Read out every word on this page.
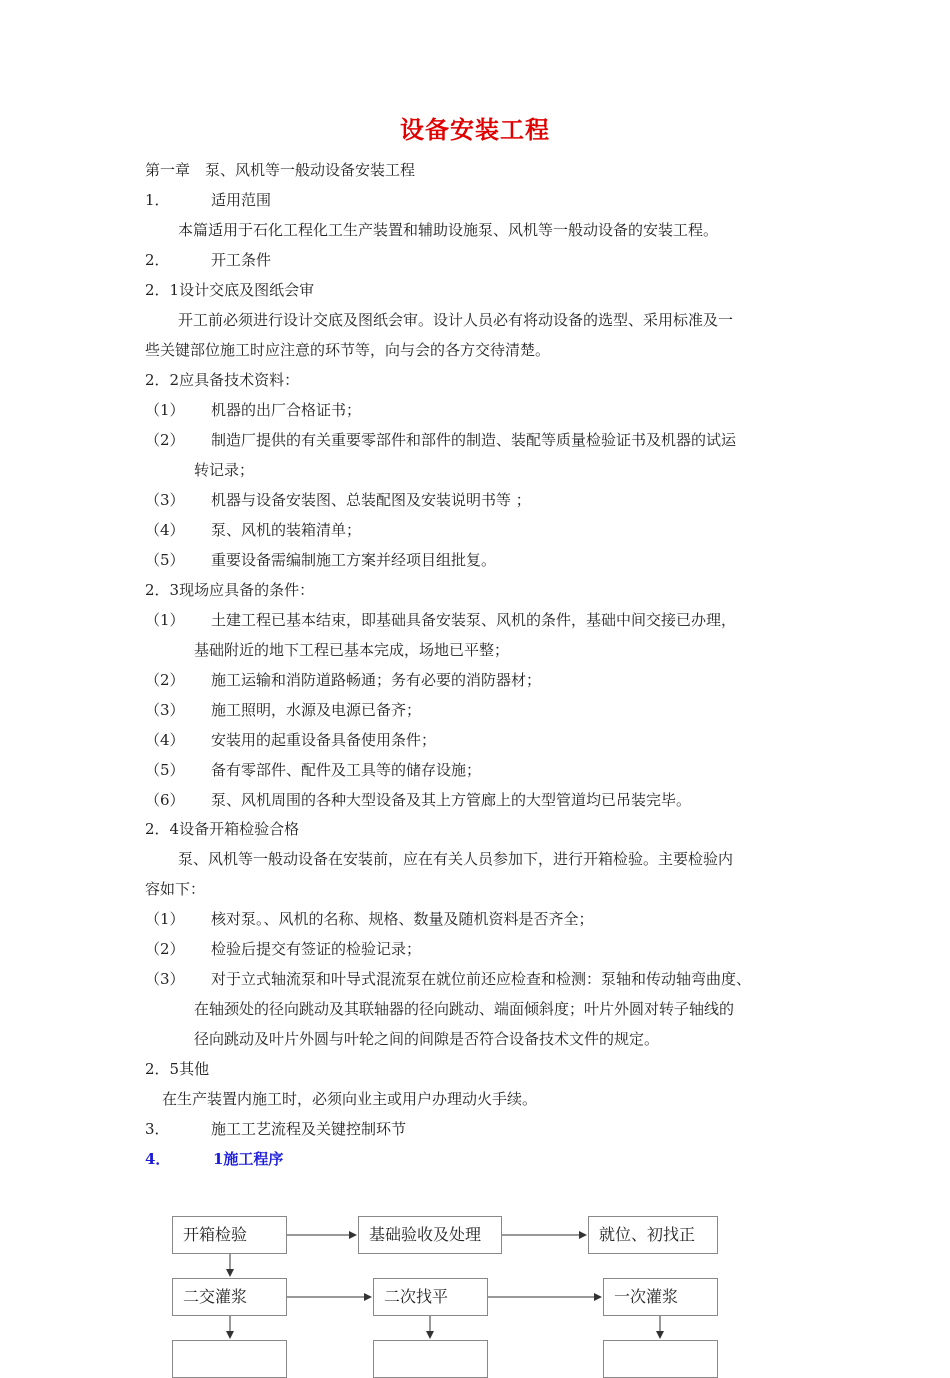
设备安装工程
第一章　泵、风机等一般动设备安装工程
1．	适用范围
本篇适用于石化工程化工生产装置和辅助设施泵、风机等一般动设备的安装工程。
2．	开工条件
2．1设计交底及图纸会审
开工前必须进行设计交底及图纸会审。设计人员必有将动设备的选型、采用标准及一
些关键部位施工时应注意的环节等，向与会的各方交待清楚。
2．2应具备技术资料：
（1） 机器的出厂合格证书；
（2） 制造厂提供的有关重要零部件和部件的制造、装配等质量检验证书及机器的试运
转记录；
（3） 机器与设备安装图、总装配图及安装说明书等 ；
（4） 泵、风机的装箱清单；
（5） 重要设备需编制施工方案并经项目组批复。
2．3现场应具备的条件：
（1） 土建工程已基本结束，即基础具备安装泵、风机的条件，基础中间交接已办理，
基础附近的地下工程已基本完成，场地已平整；
（2） 施工运输和消防道路畅通；务有必要的消防器材；
（3） 施工照明，水源及电源已备齐；
（4） 安装用的起重设备具备使用条件；
（5） 备有零部件、配件及工具等的储存设施；
（6） 泵、风机周围的各种大型设备及其上方管廊上的大型管道均已吊装完毕。
2．4设备开箱检验合格
泵、风机等一般动设备在安装前，应在有关人员参加下，进行开箱检验。主要检验内
容如下：
（1） 核对泵。、风机的名称、规格、数量及随机资料是否齐全；
（2） 检验后提交有签证的检验记录；
（3） 对于立式轴流泵和叶导式混流泵在就位前还应检查和检测：泵轴和传动轴弯曲度、
在轴颈处的径向跳动及其联轴器的径向跳动、端面倾斜度；叶片外圆对转子轴线的
径向跳动及叶片外圆与叶轮之间的间隙是否符合设备技术文件的规定。
2．5其他
在生产装置内施工时，必须向业主或用户办理动火手续。
3．	施工工艺流程及关键控制环节
4．	1施工程序
开箱检验	基础验收及处理	就位、初找正
二交灌浆	二次找平	一次灌浆
